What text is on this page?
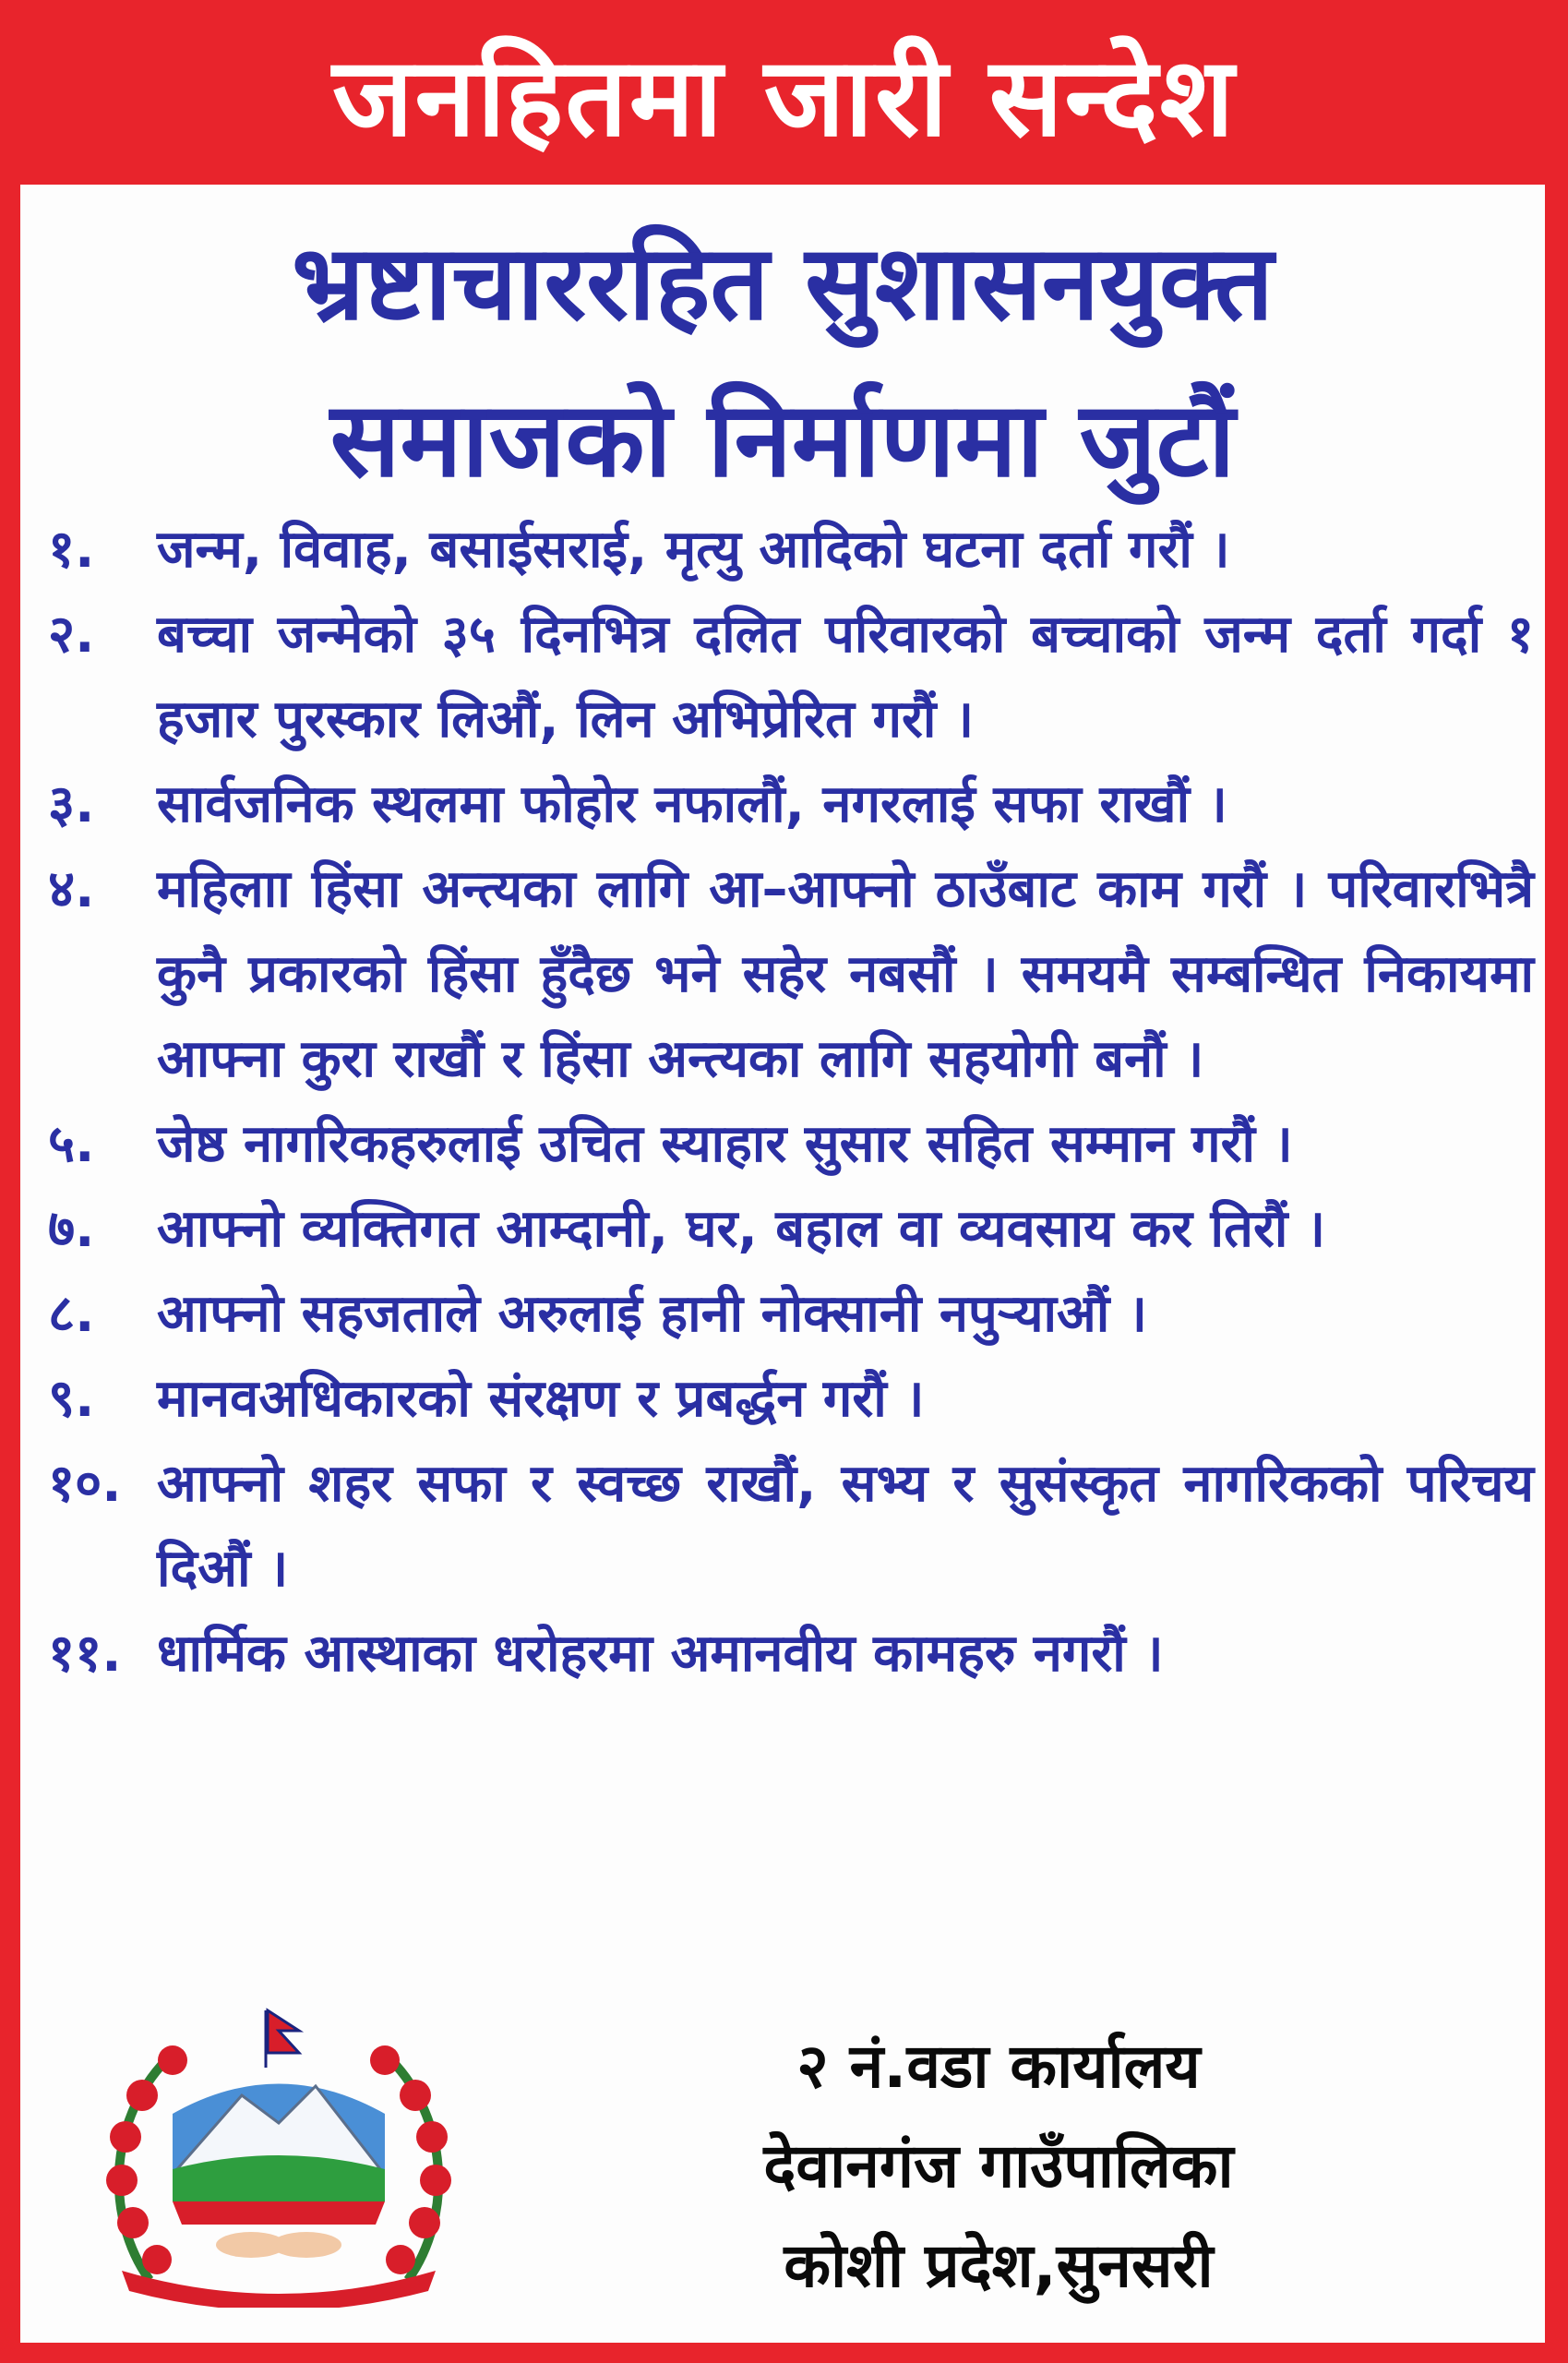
जनहितमा जारी सन्देश
भ्रष्टाचाररहित सुशासनयुक्त
समाजको निर्माणमा जुटौं
१.	जन्म, विवाह, बसाईसराई, मृत्यु आदिको घटना दर्ता गरौं ।
२.	बच्चा जन्मेको ३५ दिनभित्र दलित परिवारको बच्चाको जन्म दर्ता गर्दा १ हजार पुरस्कार लिऔं, लिन अभिप्रेरित गरौं ।
३.	सार्वजनिक स्थलमा फोहोर नफालौं, नगरलाई सफा राखौं ।
४.	महिलाा हिंसा अन्त्यका लागि आ–आफ्नो ठाउँबाट काम गरौं । परिवारभित्रै कुनै प्रकारको हिंसा हुँदैछ भने सहेर नबसौं । समयमै सम्बन्धित निकायमा आफ्ना कुरा राखौं र हिंसा अन्त्यका लागि सहयोगी बनौं ।
५.	जेष्ठ नागरिकहरुलाई उचित स्याहार सुसार सहित सम्मान गरौं ।
७.	आफ्नो व्यक्तिगत आम्दानी, घर, बहाल वा व्यवसाय कर तिरौं ।
८.	आफ्नो सहजताले अरुलाई हानी नोक्सानी नपुऱ्याऔं ।
९.	मानवअधिकारको संरक्षण र प्रबर्द्धन गरौं ।
१०. आफ्नो शहर सफा र स्वच्छ राखौं, सभ्य र सुसंस्कृत नागरिकको परिचय दिऔं ।
११. धार्मिक आस्थाका धरोहरमा अमानवीय कामहरु नगरौं ।
२ नं.वडा कार्यालय
देवानगंज गाउँपालिका
कोशी प्रदेश,सुनसरी
